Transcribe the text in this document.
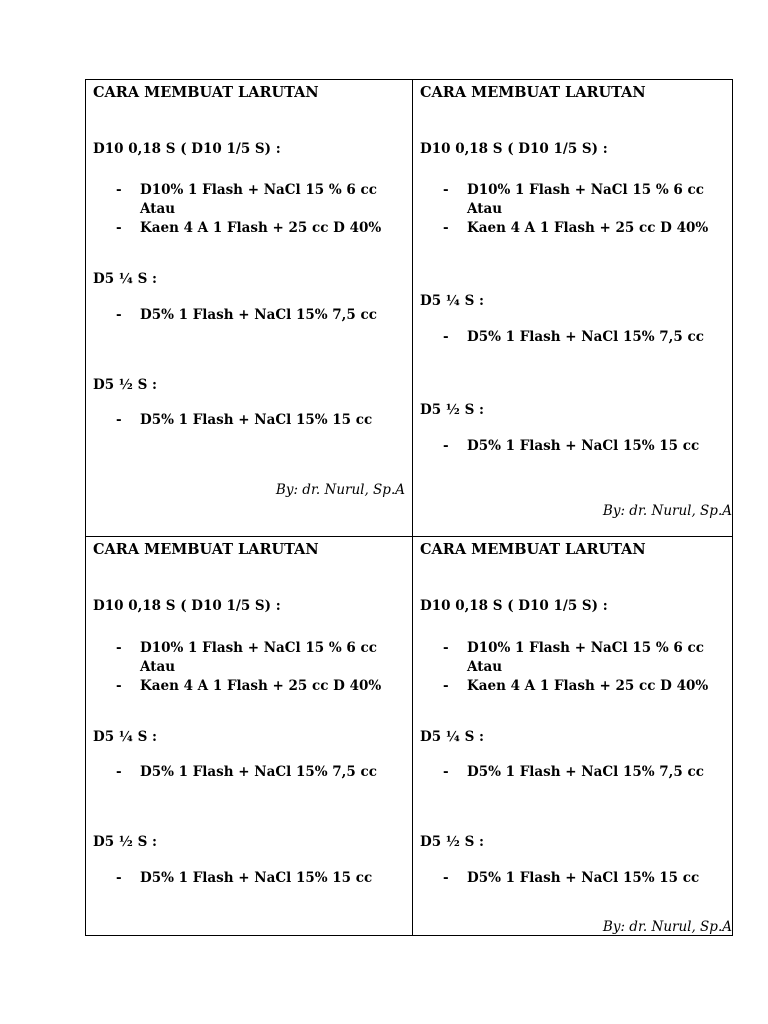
CARA MEMBUAT LARUTAN
D10 0,18 S ( D10 1/5 S) :
- D10% 1 Flash + NaCl 15 % 6 cc
Atau
- Kaen 4 A 1 Flash + 25 cc D 40%
D5 ¼ S :
- D5% 1 Flash + NaCl 15% 7,5 cc
D5 ½ S :
- D5% 1 Flash + NaCl 15% 15 cc
By: dr. Nurul, Sp.A
CARA MEMBUAT LARUTAN
D10 0,18 S ( D10 1/5 S) :
- D10% 1 Flash + NaCl 15 % 6 cc
Atau
- Kaen 4 A 1 Flash + 25 cc D 40%
D5 ¼ S :
- D5% 1 Flash + NaCl 15% 7,5 cc
D5 ½ S :
- D5% 1 Flash + NaCl 15% 15 cc
By: dr. Nurul, Sp.A
CARA MEMBUAT LARUTAN
D10 0,18 S ( D10 1/5 S) :
- D10% 1 Flash + NaCl 15 % 6 cc
Atau
- Kaen 4 A 1 Flash + 25 cc D 40%
D5 ¼ S :
- D5% 1 Flash + NaCl 15% 7,5 cc
D5 ½ S :
- D5% 1 Flash + NaCl 15% 15 cc
CARA MEMBUAT LARUTAN
D10 0,18 S ( D10 1/5 S) :
- D10% 1 Flash + NaCl 15 % 6 cc
Atau
- Kaen 4 A 1 Flash + 25 cc D 40%
D5 ¼ S :
- D5% 1 Flash + NaCl 15% 7,5 cc
D5 ½ S :
- D5% 1 Flash + NaCl 15% 15 cc
By: dr. Nurul, Sp.A
